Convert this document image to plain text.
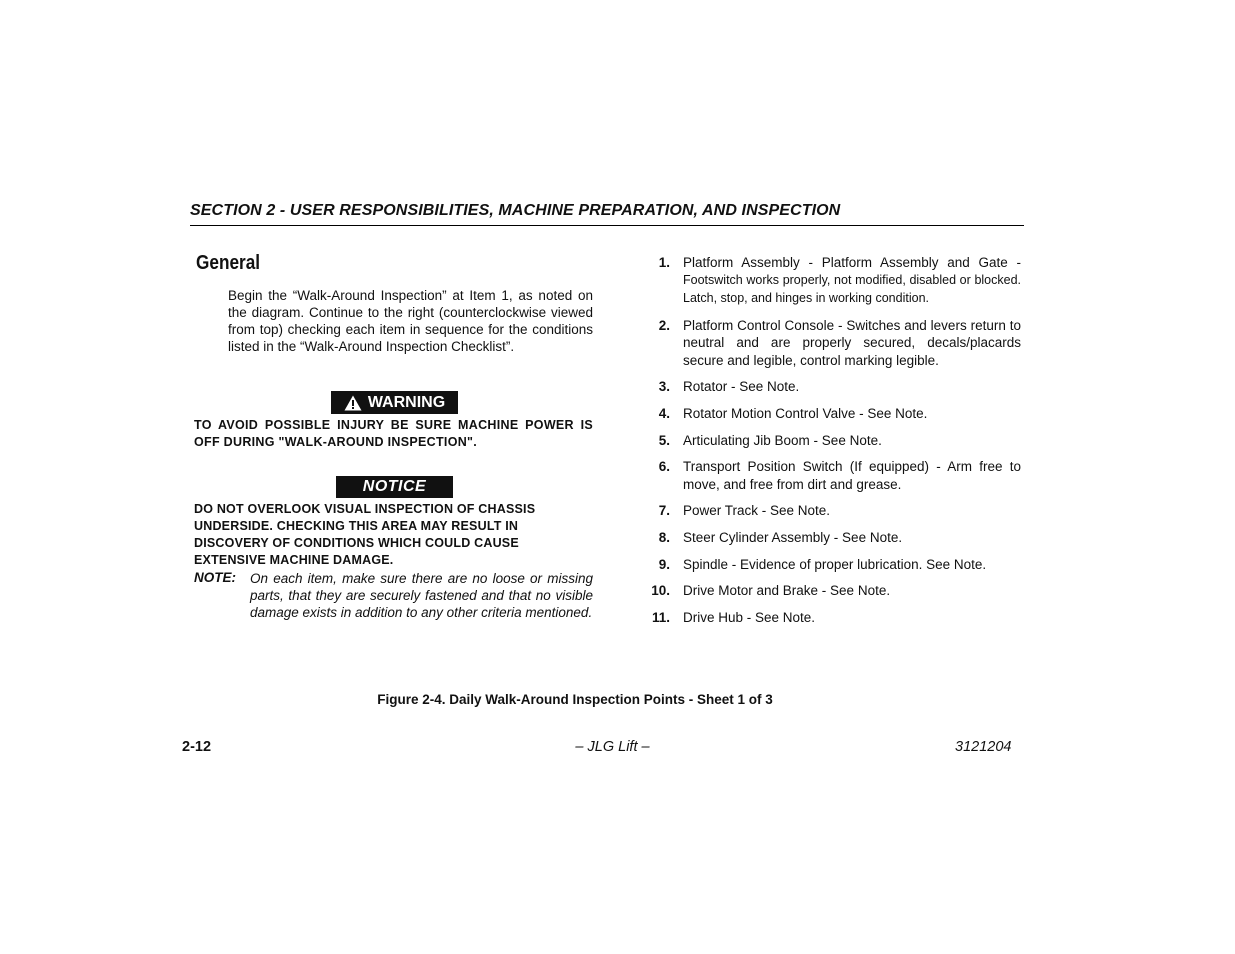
SECTION 2 - USER RESPONSIBILITIES, MACHINE PREPARATION, AND INSPECTION
General
Begin the “Walk-Around Inspection” at Item 1, as noted on the diagram. Continue to the right (counterclockwise viewed from top) checking each item in sequence for the conditions listed in the “Walk-Around Inspection Checklist”.
WARNING
TO AVOID POSSIBLE INJURY BE SURE MACHINE POWER IS OFF DURING "WALK-AROUND INSPECTION".
NOTICE
DO NOT OVERLOOK VISUAL INSPECTION OF CHASSIS UNDERSIDE. CHECKING THIS AREA MAY RESULT IN DISCOVERY OF CONDITIONS WHICH COULD CAUSE EXTENSIVE MACHINE DAMAGE.
NOTE: On each item, make sure there are no loose or missing parts, that they are securely fastened and that no visible damage exists in addition to any other criteria mentioned.
1. Platform Assembly - Platform Assembly and Gate - Footswitch works properly, not modified, disabled or blocked. Latch, stop, and hinges in working condition.
2. Platform Control Console - Switches and levers return to neutral and are properly secured, decals/placards secure and legible, control marking legible.
3. Rotator - See Note.
4. Rotator Motion Control Valve - See Note.
5. Articulating Jib Boom - See Note.
6. Transport Position Switch (If equipped) - Arm free to move, and free from dirt and grease.
7. Power Track - See Note.
8. Steer Cylinder Assembly - See Note.
9. Spindle - Evidence of proper lubrication. See Note.
10. Drive Motor and Brake - See Note.
11. Drive Hub - See Note.
Figure 2-4. Daily Walk-Around Inspection Points - Sheet 1 of 3
2-12	– JLG Lift –	3121204
